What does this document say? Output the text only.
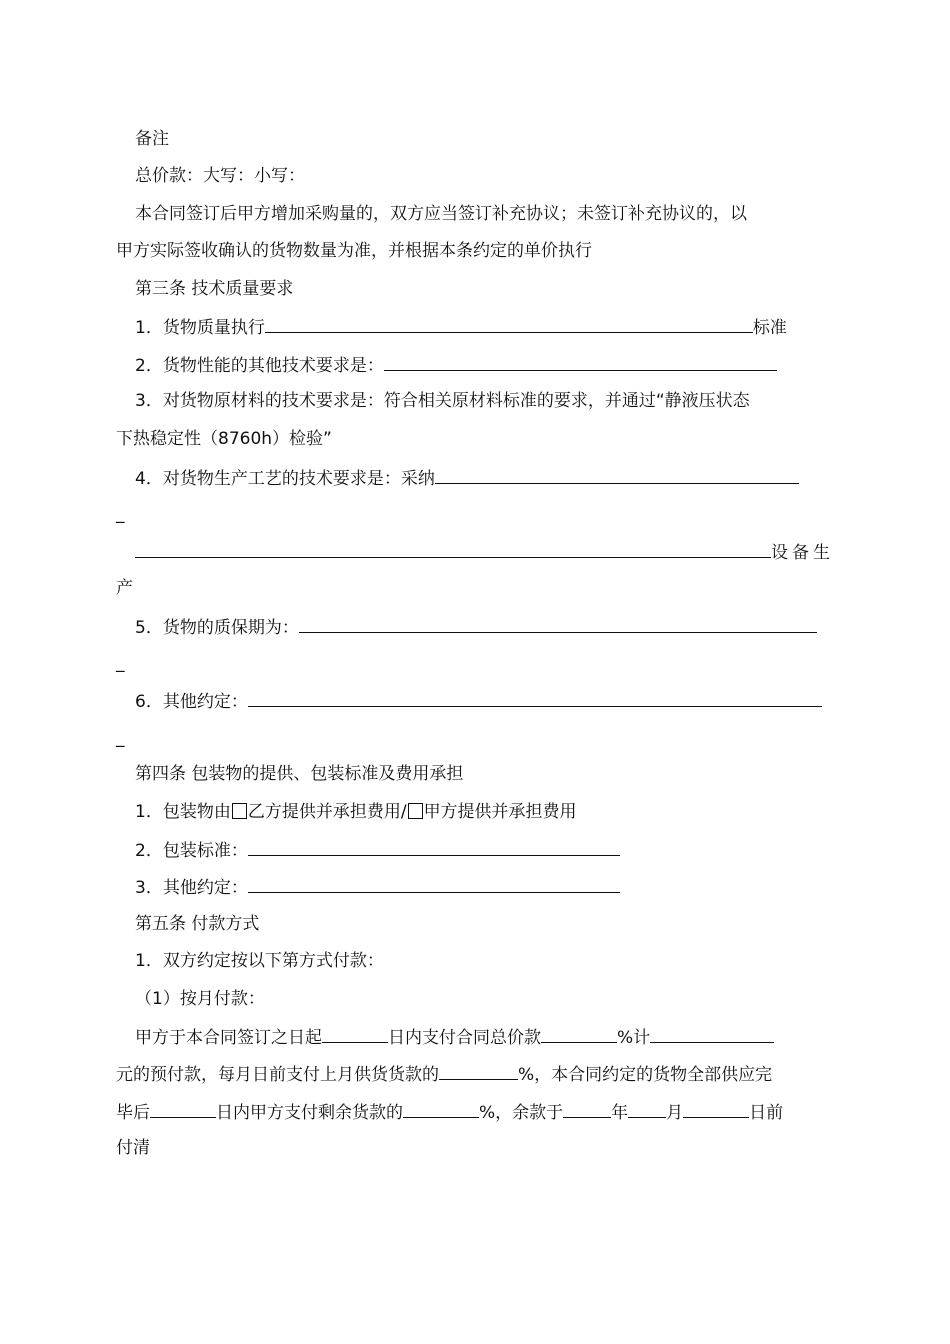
备注
总价款：大写：小写：
本合同签订后甲方增加采购量的，双方应当签订补充协议；未签订补充协议的，以
甲方实际签收确认的货物数量为准，并根据本条约定的单价执行
第三条 技术质量要求
1．货物质量执行	标准
2．货物性能的其他技术要求是：
3．对货物原材料的技术要求是：符合相关原材料标准的要求，并通过“静液压状态
下热稳定性（8760h）检验”
4．对货物生产工艺的技术要求是：采纳
_
设备生
产
5．货物的质保期为：
_
6．其他约定：
_
第四条 包装物的提供、包装标准及费用承担
1．包装物由 乙方提供并承担费用/ 甲方提供并承担费用
2．包装标准：
3．其他约定：
第五条 付款方式
1．双方约定按以下第方式付款：
（1）按月付款：
甲方于本合同签订之日起	日内支付合同总价款	%计
元的预付款，每月日前支付上月供货货款的	%，本合同约定的货物全部供应完
毕后	日内甲方支付剩余货款的	%，余款于	年 月	日前
付清
